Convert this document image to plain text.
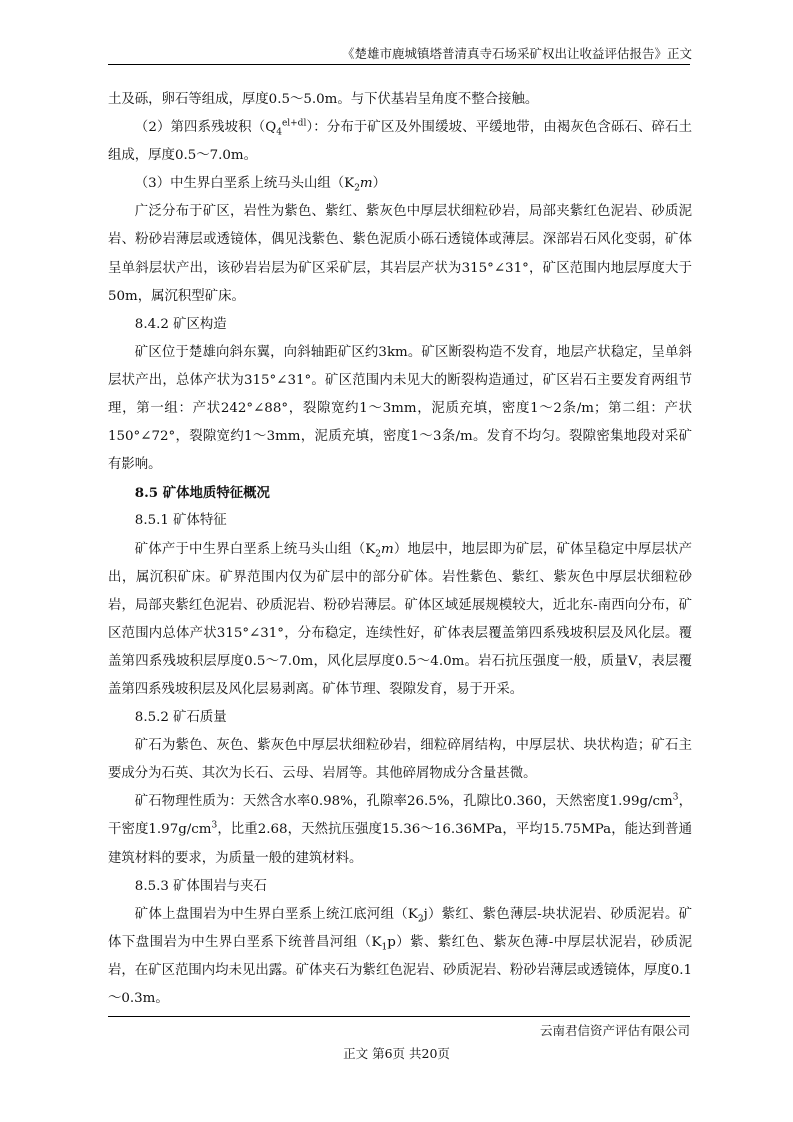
《楚雄市鹿城镇塔普清真寺石场采矿权出让收益评估报告》正文

土及砾，卵石等组成，厚度0.5～5.0m。与下伏基岩呈角度不整合接触。

（2）第四系残坡积$(Q_4^{el+dl})$：分布于矿区及外围缓坡、平缓地带，由褐灰色含砾石、碎石土组成，厚度0.5～7.0m。

（3）中生界白垩系上统马头山组$(K_2m)$

广泛分布于矿区，岩性为紫色、紫红、紫灰色中厚层状细粒砂岩，局部夹紫红色泥岩、砂质泥岩、粉砂岩薄层或透镜体，偶见浅紫色、紫色泥质小砾石透镜体或薄层。深部岩石风化变弱，矿体呈单斜层状产出，该砂岩岩层为矿区采矿层，其岩层产状为315°∠31°，矿区范围内地层厚度大于50m，属沉积型矿床。

8.4.2 矿区构造

矿区位于楚雄向斜东翼，向斜轴距矿区约3km。矿区断裂构造不发育，地层产状稳定，呈单斜层状产出，总体产状为315°∠31°。矿区范围内未见大的断裂构造通过，矿区岩石主要发育两组节理，第一组：产状242°∠88°，裂隙宽约1～3mm，泥质充填，密度1～2条/m；第二组：产状150°∠72°，裂隙宽约1～3mm，泥质充填，密度1～3条/m。发育不均匀。裂隙密集地段对采矿有影响。

8.5 矿体地质特征概况

8.5.1 矿体特征

矿体产于中生界白垩系上统马头山组$(K_2m)$地层中，地层即为矿层，矿体呈稳定中厚层状产出，属沉积矿床。矿界范围内仅为矿层中的部分矿体。岩性紫色、紫红、紫灰色中厚层状细粒砂岩，局部夹紫红色泥岩、砂质泥岩、粉砂岩薄层。矿体区域延展规模较大，近北东-南西向分布，矿区范围内总体产状315°∠31°，分布稳定，连续性好，矿体表层覆盖第四系残坡积层及风化层。覆盖第四系残坡积层厚度0.5～7.0m，风化层厚度0.5～4.0m。岩石抗压强度一般，质量V，表层覆盖第四系残坡积层及风化层易剥离。矿体节理、裂隙发育，易于开采。

8.5.2 矿石质量

矿石为紫色、灰色、紫灰色中厚层状细粒砂岩，细粒碎屑结构，中厚层状、块状构造；矿石主要成分为石英、其次为长石、云母、岩屑等。其他碎屑物成分含量甚微。

矿石物理性质为：天然含水率0.98%，孔隙率26.5%，孔隙比0.360，天然密度$1.99g/cm^3$，干密度$1.97g/cm^3$，比重2.68，天然抗压强度15.36～16.36MPa，平均15.75MPa，能达到普通建筑材料的要求，为质量一般的建筑材料。

8.5.3 矿体围岩与夹石

矿体上盘围岩为中生界白垩系上统江底河组$(K_2j)$紫红、紫色薄层-块状泥岩、砂质泥岩。矿体下盘围岩为中生界白垩系下统普昌河组$(K_1p)$紫、紫红色、紫灰色薄-中厚层状泥岩，砂质泥岩，在矿区范围内均未见出露。矿体夹石为紫红色泥岩、砂质泥岩、粉砂岩薄层或透镜体，厚度0.1～0.3m。

云南君信资产评估有限公司
正文 第6页 共20页
